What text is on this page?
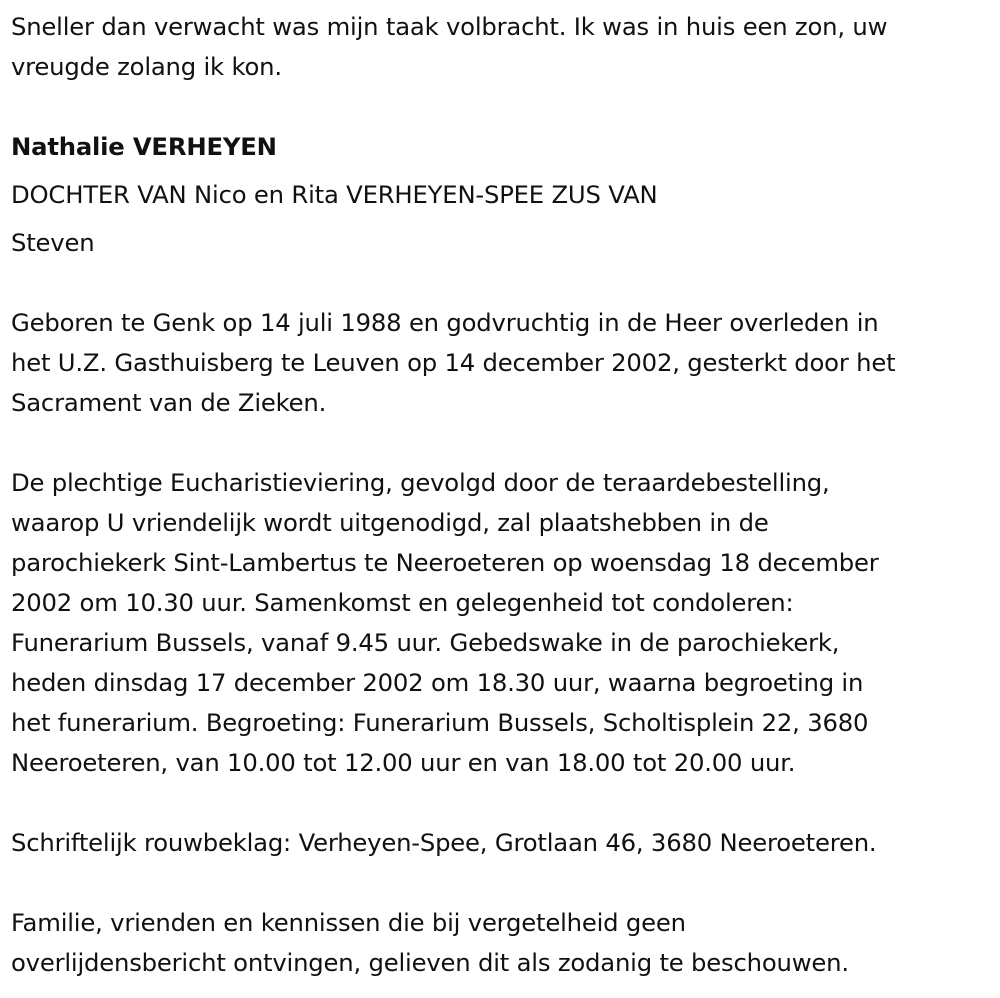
Sneller dan verwacht was mijn taak volbracht. Ik was in huis een zon, uw
vreugde zolang ik kon.

Nathalie VERHEYEN

DOCHTER VAN Nico en Rita VERHEYEN-SPEE ZUS VAN

Steven

Geboren te Genk op 14 juli 1988 en godvruchtig in de Heer overleden in
het U.Z. Gasthuisberg te Leuven op 14 december 2002, gesterkt door het
Sacrament van de Zieken.

De plechtige Eucharistieviering, gevolgd door de teraardebestelling,
waarop U vriendelijk wordt uitgenodigd, zal plaatshebben in de
parochiekerk Sint-Lambertus te Neeroeteren op woensdag 18 december
2002 om 10.30 uur. Samenkomst en gelegenheid tot condoleren:
Funerarium Bussels, vanaf 9.45 uur. Gebedswake in de parochiekerk,
heden dinsdag 17 december 2002 om 18.30 uur, waarna begroeting in
het funerarium. Begroeting: Funerarium Bussels, Scholtisplein 22, 3680
Neeroeteren, van 10.00 tot 12.00 uur en van 18.00 tot 20.00 uur.

Schriftelijk rouwbeklag: Verheyen-Spee, Grotlaan 46, 3680 Neeroeteren.

Familie, vrienden en kennissen die bij vergetelheid geen
overlijdensbericht ontvingen, gelieven dit als zodanig te beschouwen.
